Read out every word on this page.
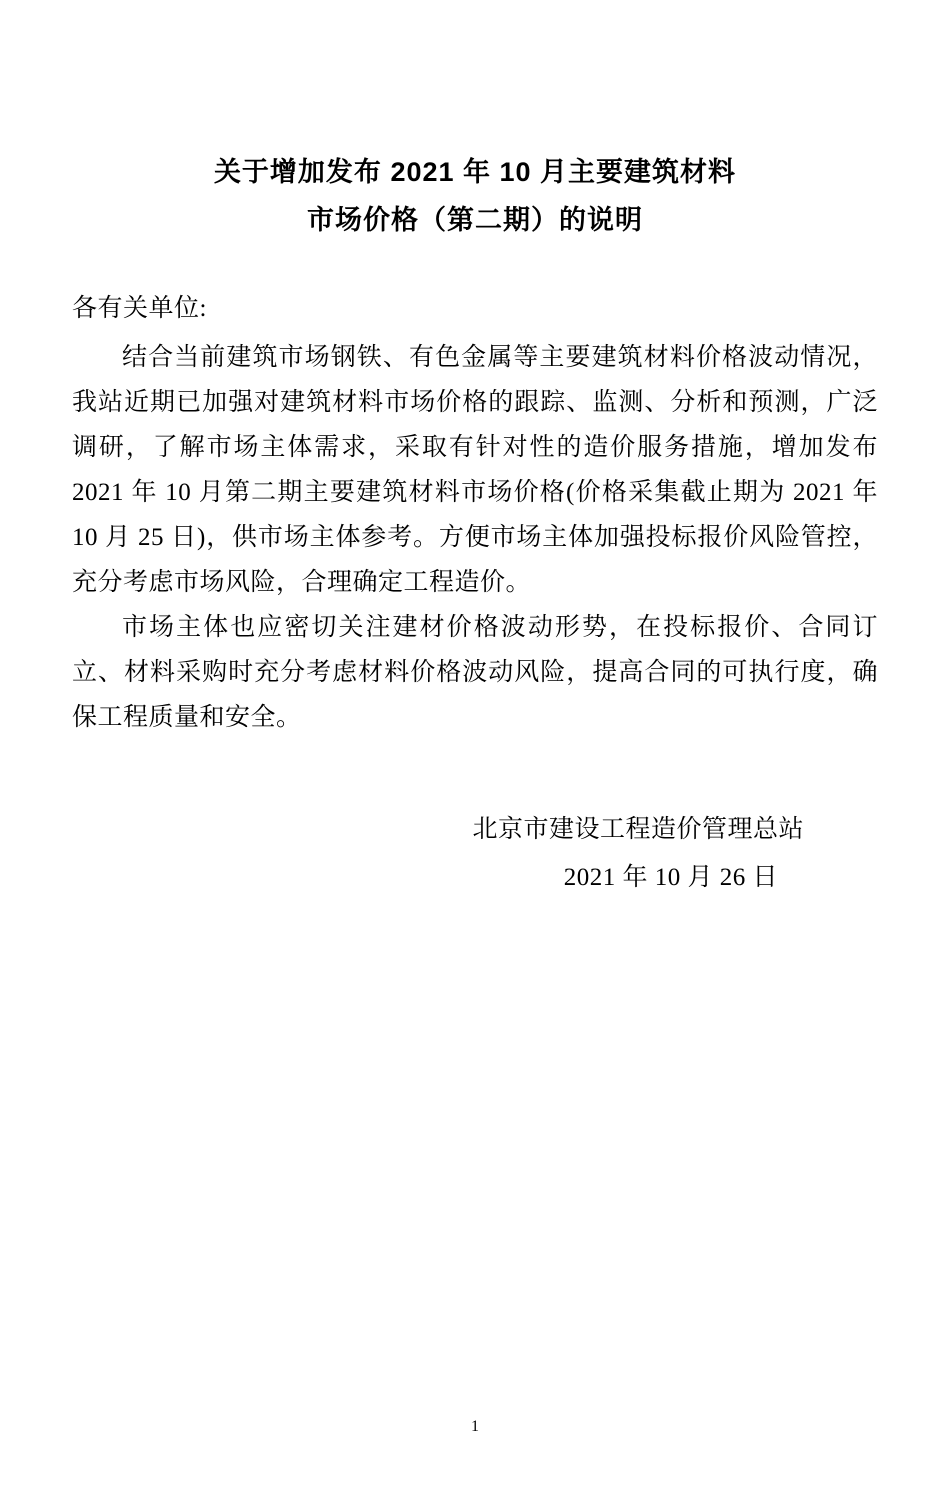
关于增加发布 2021 年 10 月主要建筑材料
市场价格（第二期）的说明

各有关单位:

结合当前建筑市场钢铁、有色金属等主要建筑材料价格波动情况，我站近期已加强对建筑材料市场价格的跟踪、监测、分析和预测，广泛调研，了解市场主体需求，采取有针对性的造价服务措施，增加发布 2021 年 10 月第二期主要建筑材料市场价格(价格采集截止期为 2021 年 10 月 25 日)，供市场主体参考。方便市场主体加强投标报价风险管控，充分考虑市场风险，合理确定工程造价。

市场主体也应密切关注建材价格波动形势，在投标报价、合同订立、材料采购时充分考虑材料价格波动风险，提高合同的可执行度，确保工程质量和安全。

北京市建设工程造价管理总站
2021 年 10 月 26 日
1
